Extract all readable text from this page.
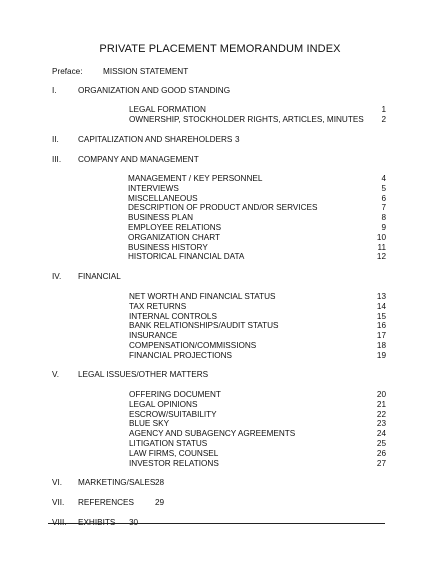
PRIVATE PLACEMENT MEMORANDUM INDEX
Preface:	MISSION STATEMENT
I.	ORGANIZATION AND GOOD STANDING
LEGAL FORMATION	1
OWNERSHIP, STOCKHOLDER RIGHTS, ARTICLES, MINUTES	2
II. CAPITALIZATION AND SHAREHOLDERS 3
III. COMPANY AND MANAGEMENT
MANAGEMENT / KEY PERSONNEL	4
INTERVIEWS	5
MISCELLANEOUS	6
DESCRIPTION OF PRODUCT AND/OR SERVICES	7
BUSINESS PLAN	8
EMPLOYEE RELATIONS	9
ORGANIZATION CHART	10
BUSINESS HISTORY	11
HISTORICAL FINANCIAL DATA	12
IV. FINANCIAL
NET WORTH AND FINANCIAL STATUS	13
TAX RETURNS	14
INTERNAL CONTROLS	15
BANK RELATIONSHIPS/AUDIT STATUS	16
INSURANCE	17
COMPENSATION/COMMISSIONS	18
FINANCIAL PROJECTIONS	19
V. LEGAL ISSUES/OTHER MATTERS
OFFERING DOCUMENT	20
LEGAL OPINIONS	21
ESCROW/SUITABILITY	22
BLUE SKY	23
AGENCY AND SUBAGENCY AGREEMENTS	24
LITIGATION STATUS	25
LAW FIRMS, COUNSEL	26
INVESTOR RELATIONS	27
VI. MARKETING/SALES 28
VII. REFERENCES	29
VIII. EXHIBITS 30
